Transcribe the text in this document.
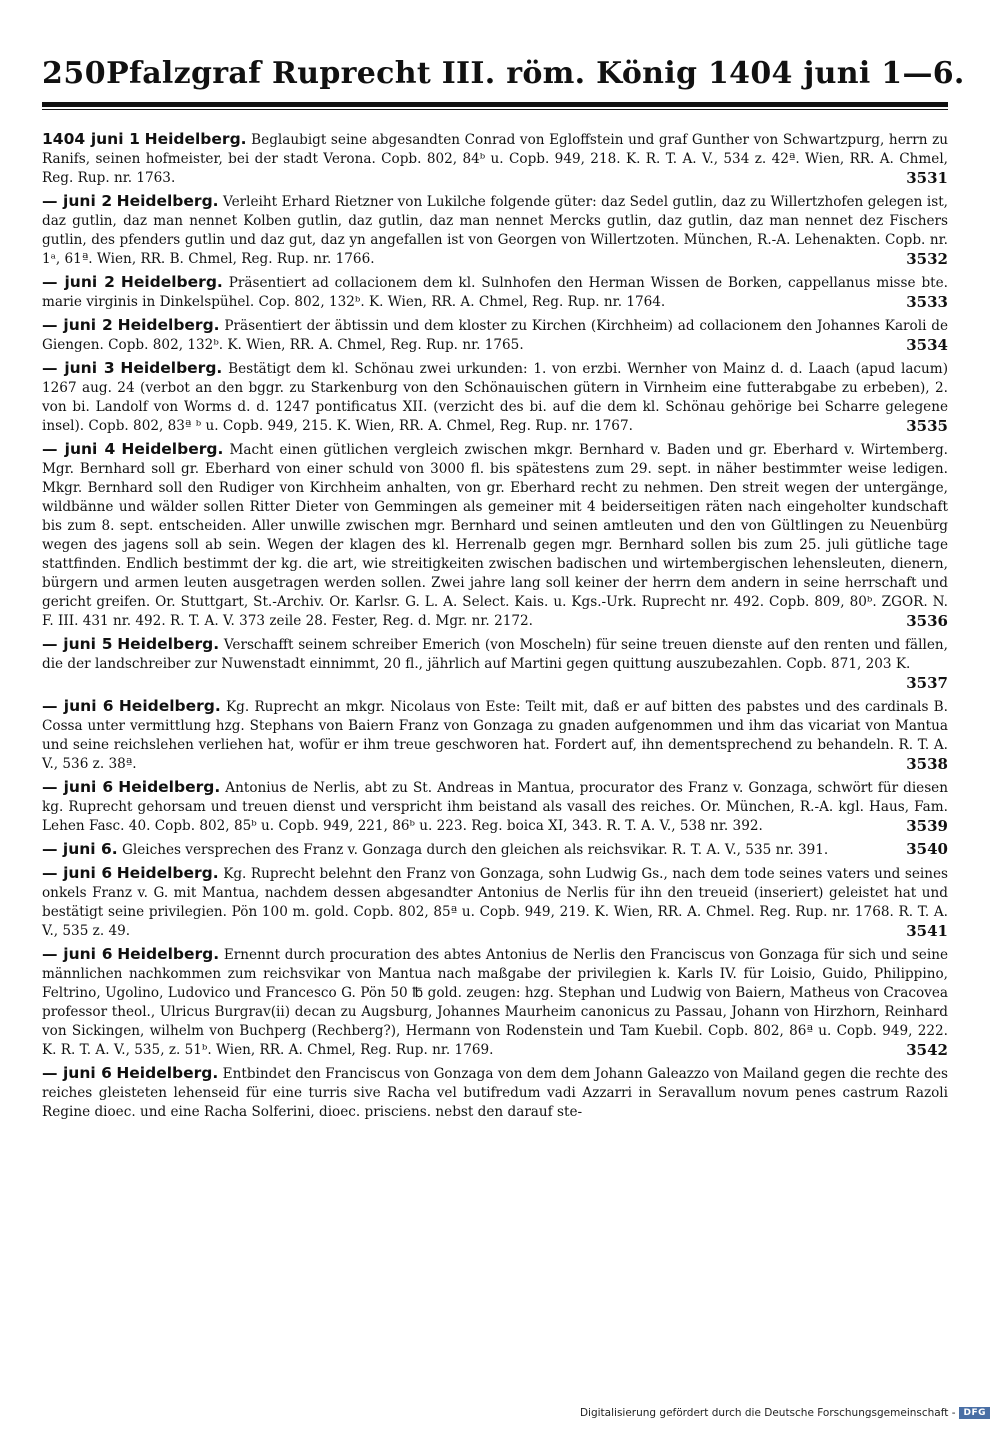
250 Pfalzgraf Ruprecht III. röm. König 1404 juni 1—6.
1404 juni 1 Heidelberg. Beglaubigt seine abgesandten Conrad von Egloffstein und graf Gunther von Schwartzpurg, herrn zu Ranifs, seinen hofmeister, bei der stadt Verona. Copb. 802, 84ᵇ u. Copb. 949, 218. K. R. T. A. V., 534 z. 42ª. Wien, RR. A. Chmel, Reg. Rup. nr. 1763.	3531
— juni 2 Heidelberg. Verleiht Erhard Rietzner von Lukilche folgende güter: daz Sedel gutlin, daz zu Willertzhofen gelegen ist, daz gutlin, daz man nennet Kolben gutlin, daz gutlin, daz man nennet Mercks gutlin, daz gutlin, daz man nennet dez Fischers gutlin, des pfenders gutlin und daz gut, daz yn angefallen ist von Georgen von Willertzoten. München, R.-A. Lehenakten. Copb. nr. 1ᵃ, 61ª. Wien, RR. B. Chmel, Reg. Rup. nr. 1766.	3532
— juni 2 Heidelberg. Präsentiert ad collacionem dem kl. Sulnhofen den Herman Wissen de Borken, cappellanus misse bte. marie virginis in Dinkelspühel. Cop. 802, 132ᵇ. K. Wien, RR. A. Chmel, Reg. Rup. nr. 1764.	3533
— juni 2 Heidelberg. Präsentiert der äbtissin und dem kloster zu Kirchen (Kirchheim) ad collacionem den Johannes Karoli de Giengen. Copb. 802, 132ᵇ. K. Wien, RR. A. Chmel, Reg. Rup. nr. 1765.	3534
— juni 3 Heidelberg. Bestätigt dem kl. Schönau zwei urkunden: 1. von erzbi. Wernher von Mainz d. d. Laach (apud lacum) 1267 aug. 24 (verbot an den bggr. zu Starkenburg von den Schönauischen gütern in Virnheim eine futterabgabe zu erbeben), 2. von bi. Landolf von Worms d. d. 1247 pontificatus XII. (verzicht des bi. auf die dem kl. Schönau gehörige bei Scharre gelegene insel). Copb. 802, 83ª ᵇ u. Copb. 949, 215. K. Wien, RR. A. Chmel, Reg. Rup. nr. 1767.	3535
— juni 4 Heidelberg. Macht einen gütlichen vergleich zwischen mkgr. Bernhard v. Baden und gr. Eberhard v. Wirtemberg. Mgr. Bernhard soll gr. Eberhard von einer schuld von 3000 fl. bis spätestens zum 29. sept. in näher bestimmter weise ledigen. Mkgr. Bernhard soll den Rudiger von Kirchheim anhalten, von gr. Eberhard recht zu nehmen. Den streit wegen der untergänge, wildbänne und wälder sollen Ritter Dieter von Gemmingen als gemeiner mit 4 beiderseitigen räten nach eingeholter kundschaft bis zum 8. sept. entscheiden. Aller unwille zwischen mgr. Bernhard und seinen amtleuten und den von Gültlingen zu Neuenbürg wegen des jagens soll ab sein. Wegen der klagen des kl. Herrenalb gegen mgr. Bernhard sollen bis zum 25. juli gütliche tage stattfinden. Endlich bestimmt der kg. die art, wie streitigkeiten zwischen badischen und wirtembergischen lehensleuten, dienern, bürgern und armen leuten ausgetragen werden sollen. Zwei jahre lang soll keiner der herrn dem andern in seine herrschaft und gericht greifen. Or. Stuttgart, St.-Archiv. Or. Karlsr. G. L. A. Select. Kais. u. Kgs.-Urk. Ruprecht nr. 492. Copb. 809, 80ᵇ. ZGOR. N. F. III. 431 nr. 492. R. T. A. V. 373 zeile 28. Fester, Reg. d. Mgr. nr. 2172.	3536
— juni 5 Heidelberg. Verschafft seinem schreiber Emerich (von Moscheln) für seine treuen dienste auf den renten und fällen, die der landschreiber zur Nuwenstadt einnimmt, 20 fl., jährlich auf Martini gegen quittung auszubezahlen. Copb. 871, 203 K.
3537
— juni 6 Heidelberg. Kg. Ruprecht an mkgr. Nicolaus von Este: Teilt mit, daß er auf bitten des pabstes und des cardinals B. Cossa unter vermittlung hzg. Stephans von Baiern Franz von Gonzaga zu gnaden aufgenommen und ihm das vicariat von Mantua und seine reichslehen verliehen hat, wofür er ihm treue geschworen hat. Fordert auf, ihn dementsprechend zu behandeln. R. T. A. V., 536 z. 38ª.	3538
— juni 6 Heidelberg. Antonius de Nerlis, abt zu St. Andreas in Mantua, procurator des Franz v. Gonzaga, schwört für diesen kg. Ruprecht gehorsam und treuen dienst und verspricht ihm beistand als vasall des reiches. Or. München, R.-A. kgl. Haus, Fam. Lehen Fasc. 40. Copb. 802, 85ᵇ u. Copb. 949, 221, 86ᵇ u. 223. Reg. boica XI, 343. R. T. A. V., 538 nr. 392.	3539
— juni 6. Gleiches versprechen des Franz v. Gonzaga durch den gleichen als reichsvikar. R. T. A. V., 535 nr. 391.	3540
— juni 6 Heidelberg. Kg. Ruprecht belehnt den Franz von Gonzaga, sohn Ludwig Gs., nach dem tode seines vaters und seines onkels Franz v. G. mit Mantua, nachdem dessen abgesandter Antonius de Nerlis für ihn den treueid (inseriert) geleistet hat und bestätigt seine privilegien. Pön 100 m. gold. Copb. 802, 85ª u. Copb. 949, 219. K. Wien, RR. A. Chmel. Reg. Rup. nr. 1768. R. T. A. V., 535 z. 49.	3541
— juni 6 Heidelberg. Ernennt durch procuration des abtes Antonius de Nerlis den Franciscus von Gonzaga für sich und seine männlichen nachkommen zum reichsvikar von Mantua nach maßgabe der privilegien k. Karls IV. für Loisio, Guido, Philippino, Feltrino, Ugolino, Ludovico und Francesco G. Pön 50 ℔ gold. zeugen: hzg. Stephan und Ludwig von Baiern, Matheus von Cracovea professor theol., Ulricus Burgrav(ii) decan zu Augsburg, Johannes Maurheim canonicus zu Passau, Johann von Hirzhorn, Reinhard von Sickingen, wilhelm von Buchperg (Rechberg?), Hermann von Rodenstein und Tam Kuebil. Copb. 802, 86ª u. Copb. 949, 222. K. R. T. A. V., 535, z. 51ᵇ. Wien, RR. A. Chmel, Reg. Rup. nr. 1769.	3542
— juni 6 Heidelberg. Entbindet den Franciscus von Gonzaga von dem dem Johann Galeazzo von Mailand gegen die rechte des reiches gleisteten lehenseid für eine turris sive Racha vel butifredum vadi Azzarri in Seravallum novum penes castrum Razoli Regine dioec. und eine Racha Solferini, dioec. prisciens. nebst den darauf ste-
Digitalisierung gefördert durch die Deutsche Forschungsgemeinschaft - DFG
